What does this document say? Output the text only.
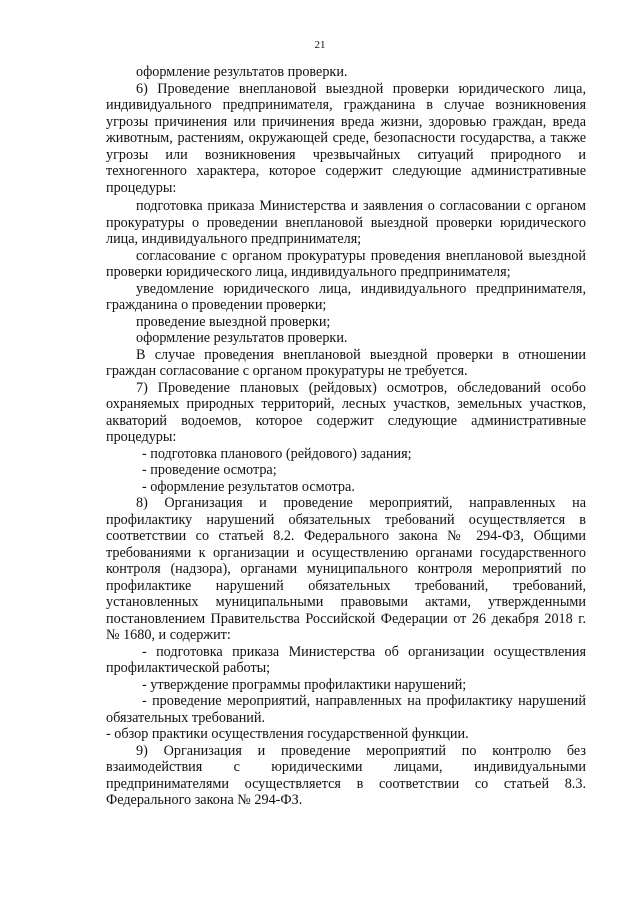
21

оформление результатов проверки.

6) Проведение внеплановой выездной проверки юридического лица, индивидуального предпринимателя, гражданина в случае возникновения угрозы причинения или причинения вреда жизни, здоровью граждан, вреда животным, растениям, окружающей среде, безопасности государства, а также угрозы или возникновения чрезвычайных ситуаций природного и техногенного характера, которое содержит следующие административные процедуры:

подготовка приказа Министерства и заявления о согласовании с органом прокуратуры о проведении внеплановой выездной проверки юридического лица, индивидуального предпринимателя;

согласование с органом прокуратуры проведения внеплановой выездной проверки юридического лица, индивидуального предпринимателя;

уведомление юридического лица, индивидуального предпринимателя, гражданина о проведении проверки;

проведение выездной проверки;

оформление результатов проверки.

В случае проведения внеплановой выездной проверки в отношении граждан согласование с органом прокуратуры не требуется.

7) Проведение плановых (рейдовых) осмотров, обследований особо охраняемых природных территорий, лесных участков, земельных участков, акваторий водоемов, которое содержит следующие административные процедуры:

- подготовка планового (рейдового) задания;

- проведение осмотра;

- оформление результатов осмотра.

8) Организация и проведение мероприятий, направленных на профилактику нарушений обязательных требований осуществляется в соответствии со статьей 8.2. Федерального закона № 294-ФЗ, Общими требованиями к организации и осуществлению органами государственного контроля (надзора), органами муниципального контроля мероприятий по профилактике нарушений обязательных требований, требований, установленных муниципальными правовыми актами, утвержденными постановлением Правительства Российской Федерации от 26 декабря 2018 г. № 1680, и содержит:

- подготовка приказа Министерства об организации осуществления профилактической работы;

- утверждение программы профилактики нарушений;

- проведение мероприятий, направленных на профилактику нарушений обязательных требований.

- обзор практики осуществления государственной функции.

9) Организация и проведение мероприятий по контролю без взаимодействия с юридическими лицами, индивидуальными предпринимателями осуществляется в соответствии со статьей 8.3. Федерального закона № 294-ФЗ.
